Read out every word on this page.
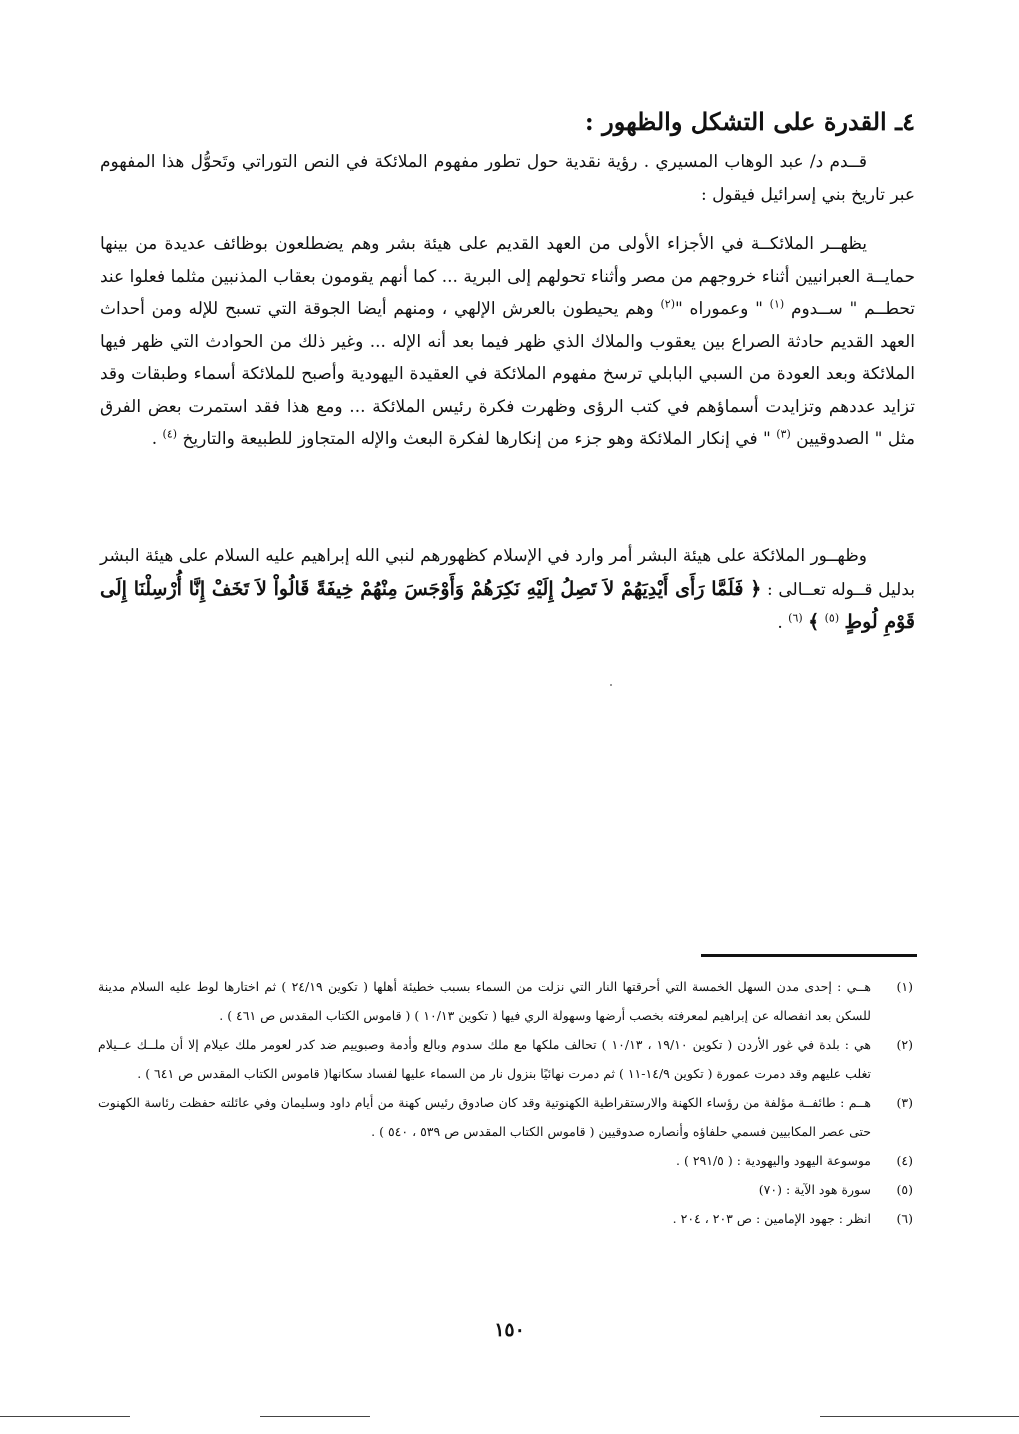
٤ـ القدرة على التشكل والظهور :
قــدم د/ عبد الوهاب المسيري . رؤية نقدية حول تطور مفهوم الملائكة في النص التوراتي وتَحوُّل هذا المفهوم عبر تاريخ بني إسرائيل فيقول :
يظهــر الملائكــة في الأجزاء الأولى من العهد القديم على هيئة بشر وهم يضطلعون بوظائف عديدة من بينها حمايــة العبرانيين أثناء خروجهم من مصر وأثناء تحولهم إلى البرية ... كما أنهم يقومون بعقاب المذنبين مثلما فعلوا عند تحطــم " ســدوم $^{(١)}$ " وعموراه "$^{(٢)}$ وهم يحيطون بالعرش الإلهي ، ومنهم أيضا الجوقة التي تسبح للإله ومن أحداث العهد القديم حادثة الصراع بين يعقوب والملاك الذي ظهر فيما بعد أنه الإله ... وغير ذلك من الحوادث التي ظهر فيها الملائكة وبعد العودة من السبي البابلي ترسخ مفهوم الملائكة في العقيدة اليهودية وأصبح للملائكة أسماء وطبقات وقد تزايد عددهم وتزايدت أسماؤهم في كتب الرؤى وظهرت فكرة رئيس الملائكة ... ومع هذا فقد استمرت بعض الفرق مثل " الصدوقيين $^{(٣)}$ " في إنكار الملائكة وهو جزء من إنكارها لفكرة البعث والإله المتجاوز للطبيعة والتاريخ $^{(٤)}$ .
وظهــور الملائكة على هيئة البشر أمر وارد في الإسلام كظهورهم لنبي الله إبراهيم عليه السلام على هيئة البشر بدليل قــوله تعــالى : ﴿ فَلَمَّا رَأَى أَيْدِيَهُمْ لاَ تَصِلُ إِلَيْهِ نَكِرَهُمْ وَأَوْجَسَ مِنْهُمْ خِيفَةً قَالُواْ لاَ تَخَفْ إِنَّا أُرْسِلْنَا إِلَى قَوْمِ لُوطٍ $^{(٥)}$ ﴾ $^{(٦)}$ .
(١)
هــي : إحدى مدن السهل الخمسة التي أحرقتها النار التي نزلت من السماء بسبب خطيئة أهلها ( تكوين ٢٤/١٩ ) ثم اختارها لوط عليه السلام مدينة للسكن بعد انفصاله عن إبراهيم لمعرفته بخصب أرضها وسهولة الري فيها ( تكوين ١٠/١٣ ) ( قاموس الكتاب المقدس ص ٤٦١ ) .
(٢)
هي : بلدة في غور الأردن ( تكوين ١٩/١٠ ، ١٠/١٣ ) تحالف ملكها مع ملك سدوم وبالع وأدمة وصبوييم ضد كدر لعومر ملك عيلام إلا أن ملــك عــيلام تغلب عليهم وقد دمرت عمورة ( تكوين ١٤/٩-١١ ) ثم دمرت نهائيًا بنزول نار من السماء عليها لفساد سكانها( قاموس الكتاب المقدس ص ٦٤١ ) .
(٣)
هــم : طائفــة مؤلفة من رؤساء الكهنة والارستقراطية الكهنوتية وقد كان صادوق رئيس كهنة من أيام داود وسليمان وفي عائلته حفظت رئاسة الكهنوت حتى عصر المكابيين فسمي حلفاؤه وأنصاره صدوقيين ( قاموس الكتاب المقدس ص ٥٣٩ ، ٥٤٠ ) .
(٤)
موسوعة اليهود واليهودية : ( ٢٩١/٥ ) .
(٥)
سورة هود الآية : (٧٠)
(٦)
انظر : جهود الإمامين : ص ٢٠٣ ، ٢٠٤ .
١٥٠
